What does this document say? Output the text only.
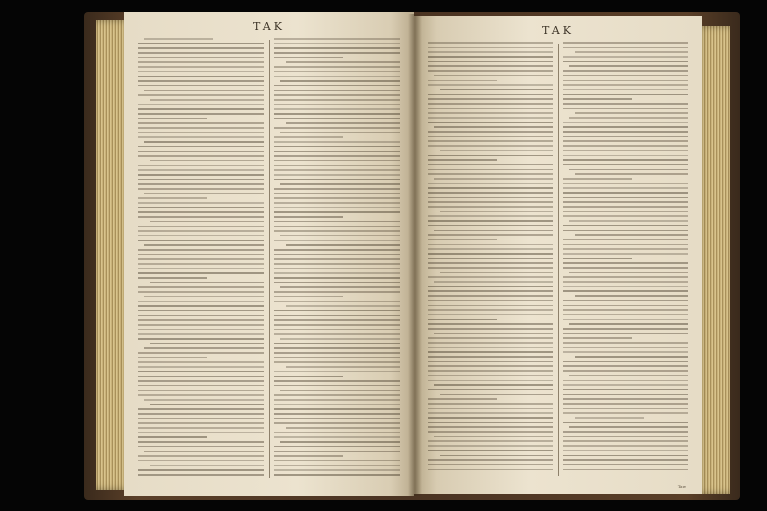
TAK	TAK
Taw
